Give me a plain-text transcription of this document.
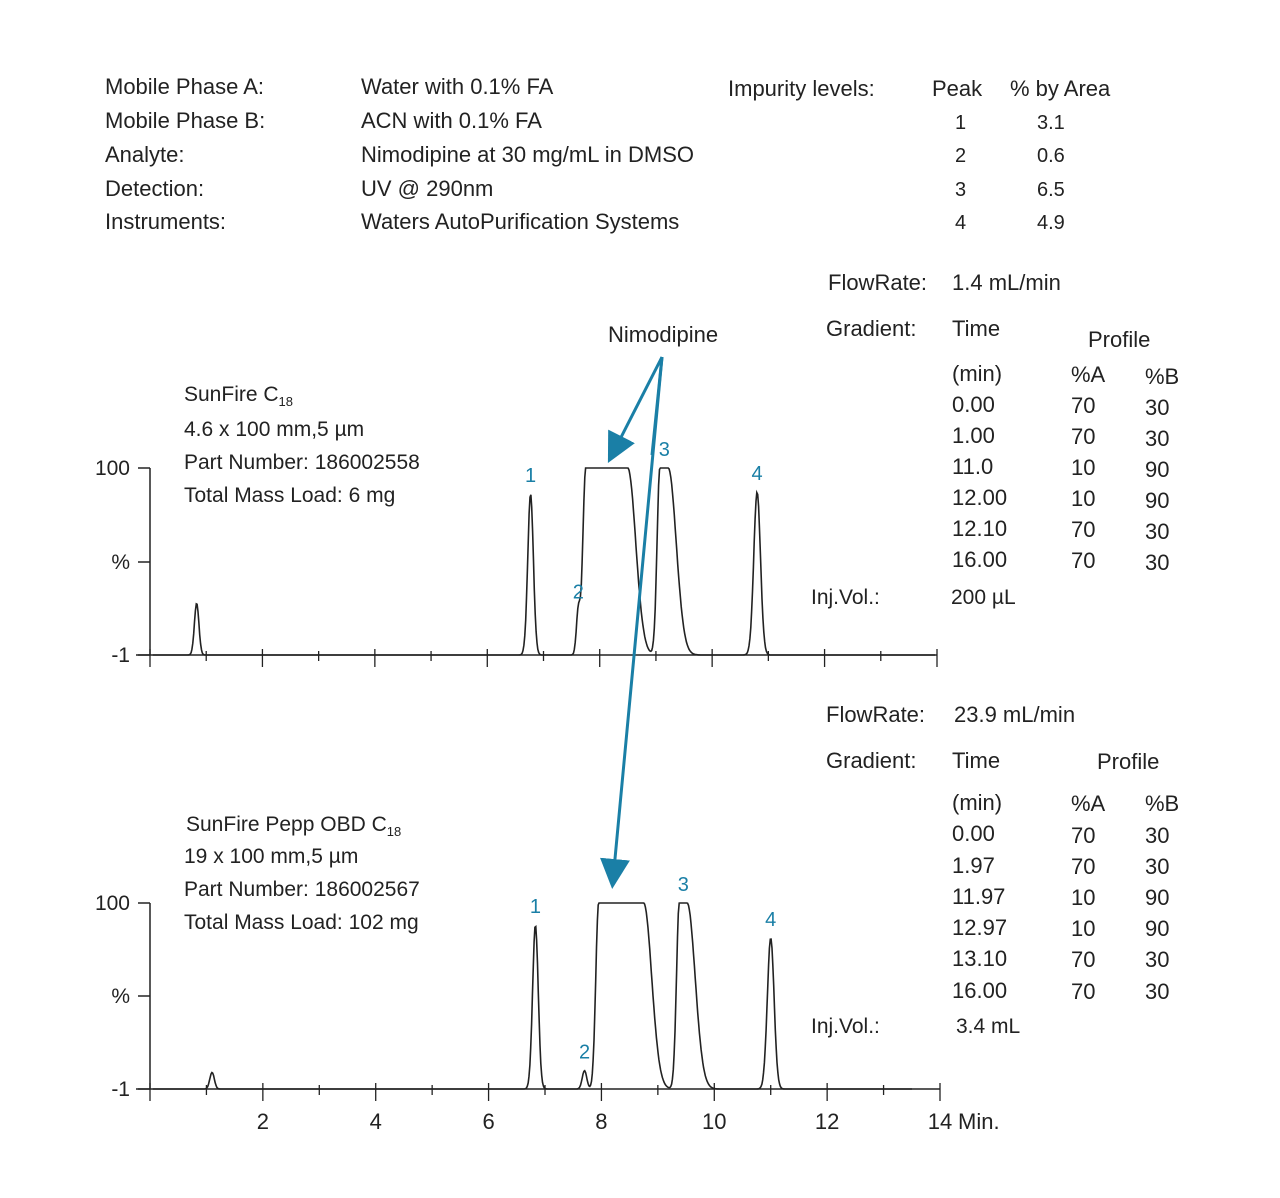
Mobile Phase A:	Water with 0.1% FA
Mobile Phase B:	ACN with 0.1% FA
Analyte:	Nimodipine at 30 mg/mL in DMSO
Detection:	UV @ 290nm
Instruments:	Waters AutoPurification Systems
Impurity levels:	Peak % by Area
1	3.1
2	0.6
3	6.5
4	4.9
Nimodipine
SunFire $C_{18}$
4.6 x 100 mm,5 µm
Part Number: 186002558
Total Mass Load: 6 mg
FlowRate: 1.4 mL/min
Gradient: Time	Profile
(min)	%A %B
0.00	70 30
1.00	70 30
11.0	10 90
12.00	10 90
12.10	70 30
16.00	70 30
Inj.Vol.:	200 µL
SunFire Pepp OBD $C_{18}$
19 x 100 mm,5 µm
Part Number: 186002567
Total Mass Load: 102 mg
FlowRate: 23.9 mL/min
Gradient: Time	Profile
(min)	%A %B
0.00	70 30
1.97	70 30
11.97	10 90
12.97	10 90
13.10	70 30
16.00	70 30
Inj.Vol.:	3.4 mL
100
%
-1
1
2
3
4
100
%
-1
2	4	6	8	10	12	14 Min.
1
2
3
4
